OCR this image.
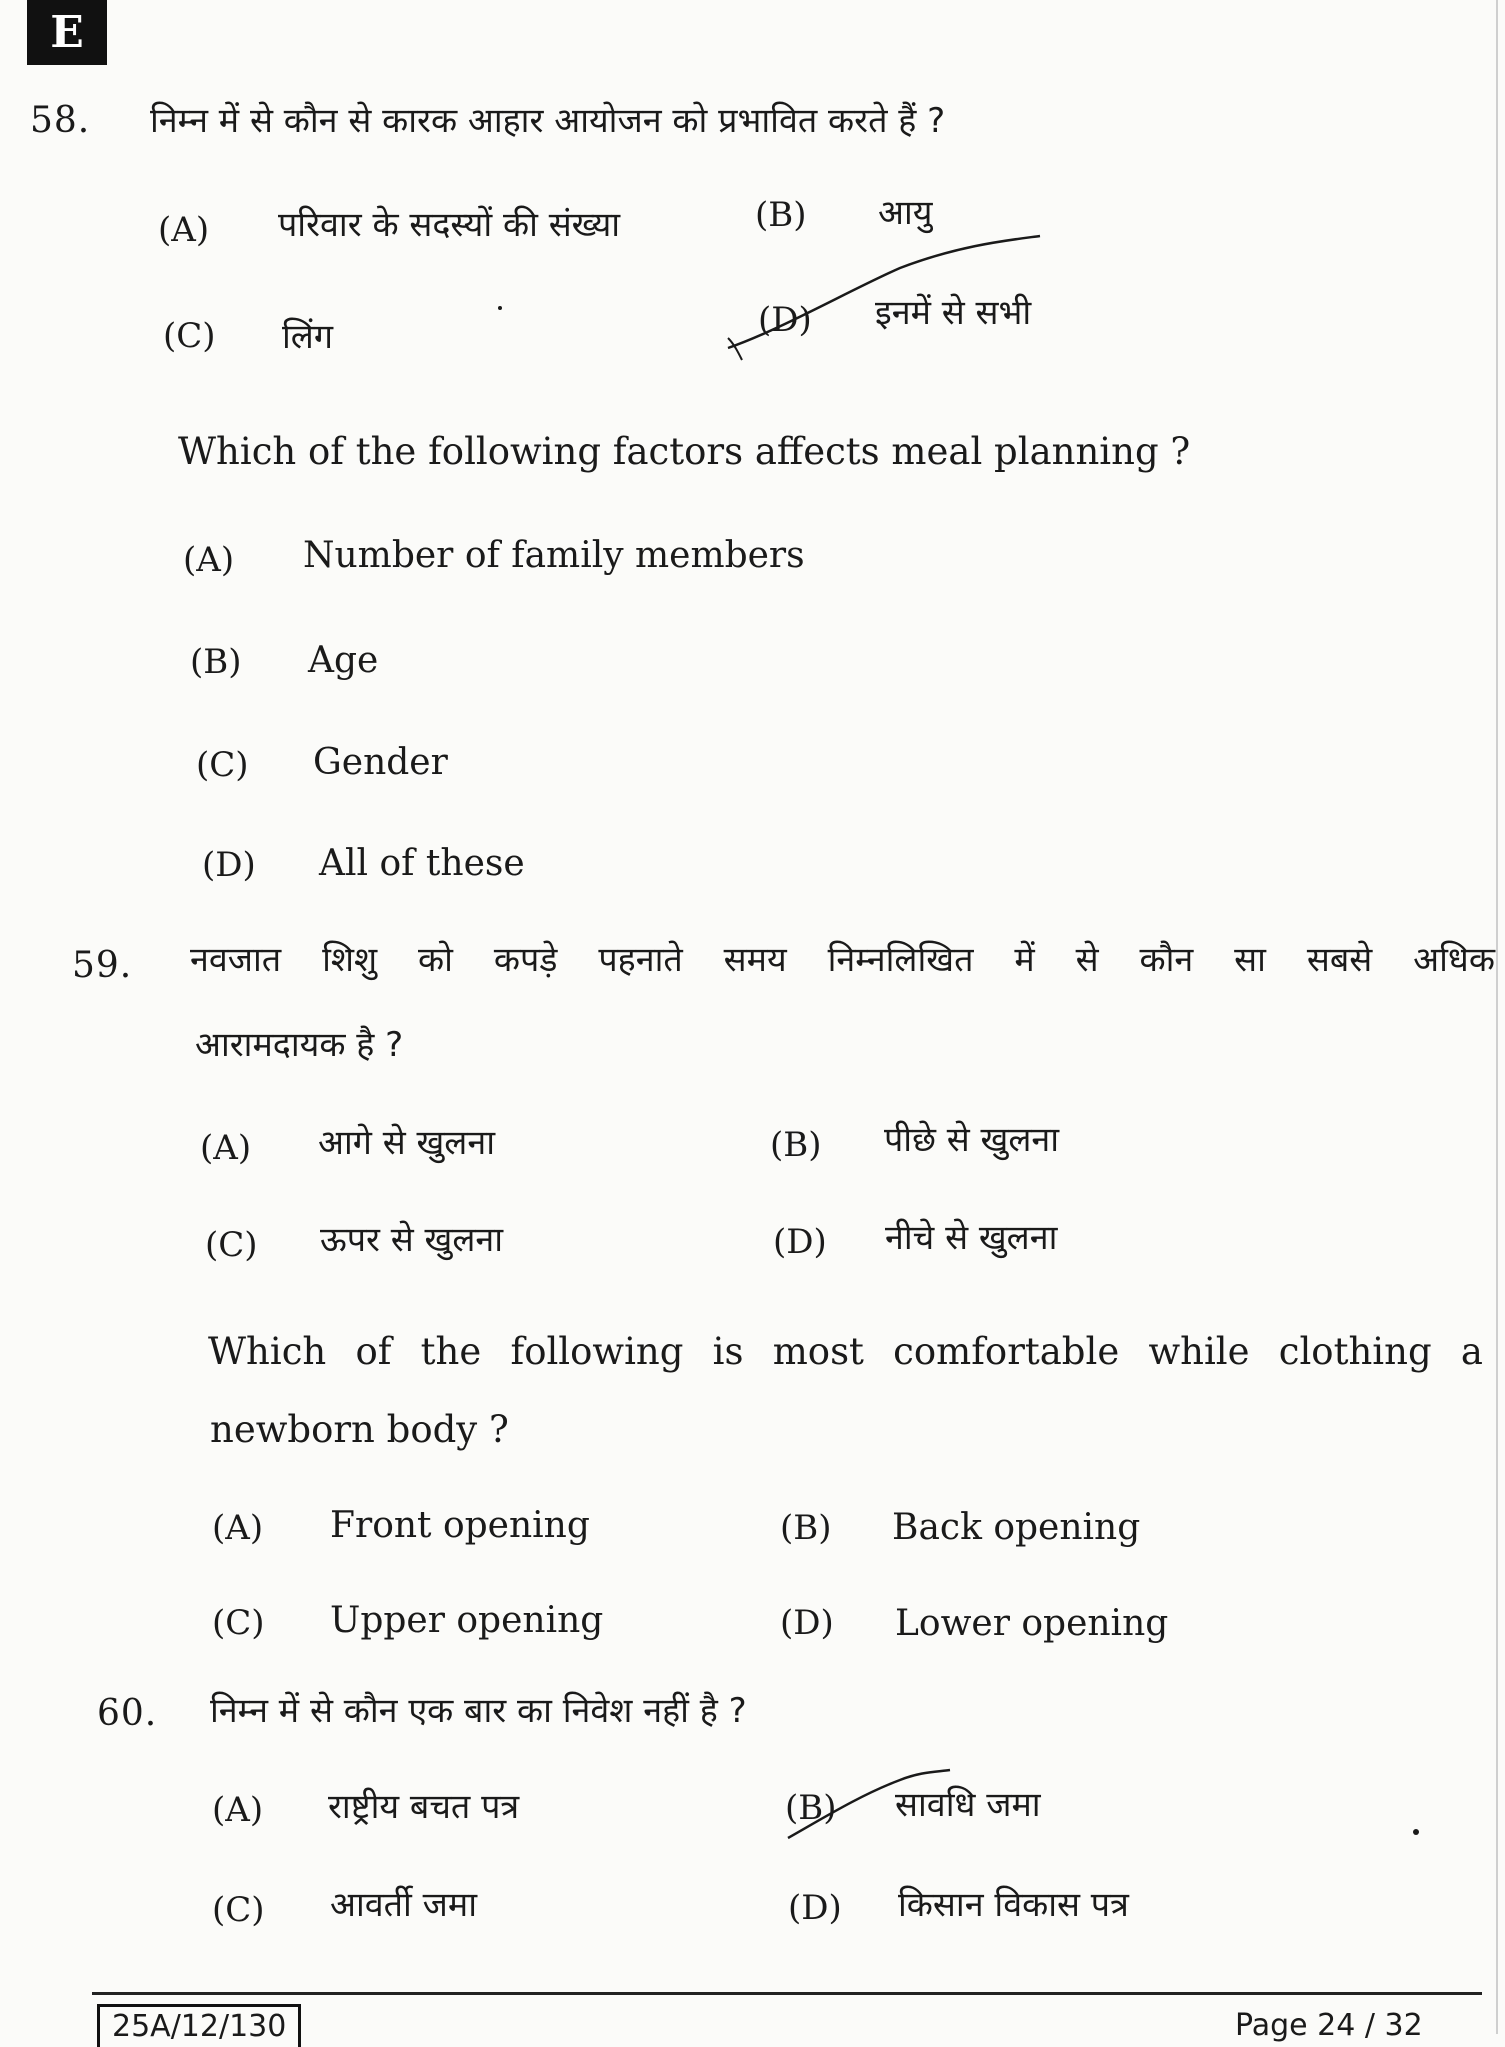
E
58. निम्न में से कौन से कारक आहार आयोजन को प्रभावित करते हैं ?
(A) परिवार के सदस्यों की संख्या	(B) आयु
(C) लिंग	(D) इनमें से सभी
Which of the following factors affects meal planning ?
(A) Number of family members
(B) Age
(C) Gender
(D) All of these
59. नवजात शिशु को कपड़े पहनाते समय निम्नलिखित में से कौन सा सबसे अधिक
आरामदायक है ?
(A) आगे से खुलना	(B) पीछे से खुलना
(C) ऊपर से खुलना	(D) नीचे से खुलना
Which of the following is most comfortable while clothing a
newborn body ?
(A) Front opening	(B) Back opening
(C) Upper opening	(D) Lower opening
60. निम्न में से कौन एक बार का निवेश नहीं है ?
(A) राष्ट्रीय बचत पत्र	(B) सावधि जमा
(C) आवर्ती जमा	(D) किसान विकास पत्र
25A/12/130	Page 24 / 32
